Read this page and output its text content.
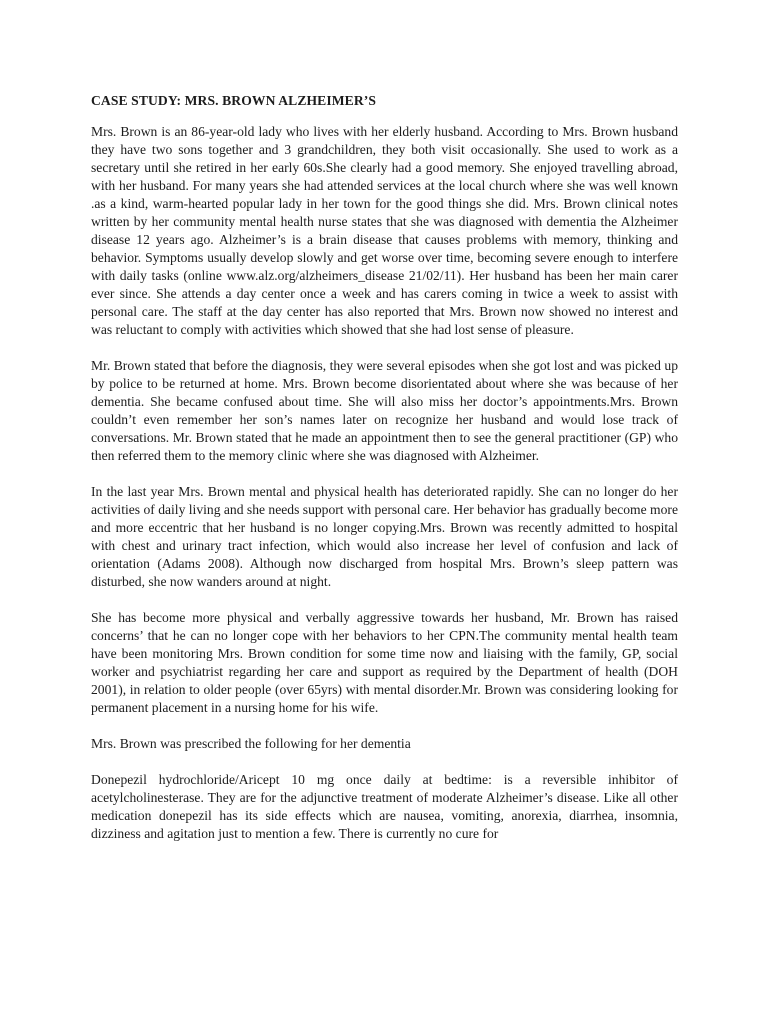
CASE STUDY: MRS. BROWN ALZHEIMER’S

Mrs. Brown is an 86-year-old lady who lives with her elderly husband. According to Mrs. Brown husband they have two sons together and 3 grandchildren, they both visit occasionally. She used to work as a secretary until she retired in her early 60s.She clearly had a good memory. She enjoyed travelling abroad, with her husband. For many years she had attended services at the local church where she was well known .as a kind, warm-hearted popular lady in her town for the good things she did. Mrs. Brown clinical notes written by her community mental health nurse states that she was diagnosed with dementia the Alzheimer disease 12 years ago. Alzheimer’s is a brain disease that causes problems with memory, thinking and behavior. Symptoms usually develop slowly and get worse over time, becoming severe enough to interfere with daily tasks (online www.alz.org/alzheimers_disease 21/02/11). Her husband has been her main carer ever since. She attends a day center once a week and has carers coming in twice a week to assist with personal care. The staff at the day center has also reported that Mrs. Brown now showed no interest and was reluctant to comply with activities which showed that she had lost sense of pleasure.

Mr. Brown stated that before the diagnosis, they were several episodes when she got lost and was picked up by police to be returned at home. Mrs. Brown become disorientated about where she was because of her dementia. She became confused about time. She will also miss her doctor’s appointments.Mrs. Brown couldn’t even remember her son’s names later on recognize her husband and would lose track of conversations. Mr. Brown stated that he made an appointment then to see the general practitioner (GP) who then referred them to the memory clinic where she was diagnosed with Alzheimer.

In the last year Mrs. Brown mental and physical health has deteriorated rapidly. She can no longer do her activities of daily living and she needs support with personal care. Her behavior has gradually become more and more eccentric that her husband is no longer copying.Mrs. Brown was recently admitted to hospital with chest and urinary tract infection, which would also increase her level of confusion and lack of orientation (Adams 2008). Although now discharged from hospital Mrs. Brown’s sleep pattern was disturbed, she now wanders around at night.

She has become more physical and verbally aggressive towards her husband, Mr. Brown has raised concerns’ that he can no longer cope with her behaviors to her CPN.The community mental health team have been monitoring Mrs. Brown condition for some time now and liaising with the family, GP, social worker and psychiatrist regarding her care and support as required by the Department of health (DOH 2001), in relation to older people (over 65yrs) with mental disorder.Mr. Brown was considering looking for permanent placement in a nursing home for his wife.

Mrs. Brown was prescribed the following for her dementia

Donepezil hydrochloride/Aricept 10 mg once daily at bedtime: is a reversible inhibitor of acetylcholinesterase. They are for the adjunctive treatment of moderate Alzheimer’s disease. Like all other medication donepezil has its side effects which are nausea, vomiting, anorexia, diarrhea, insomnia, dizziness and agitation just to mention a few. There is currently no cure for
